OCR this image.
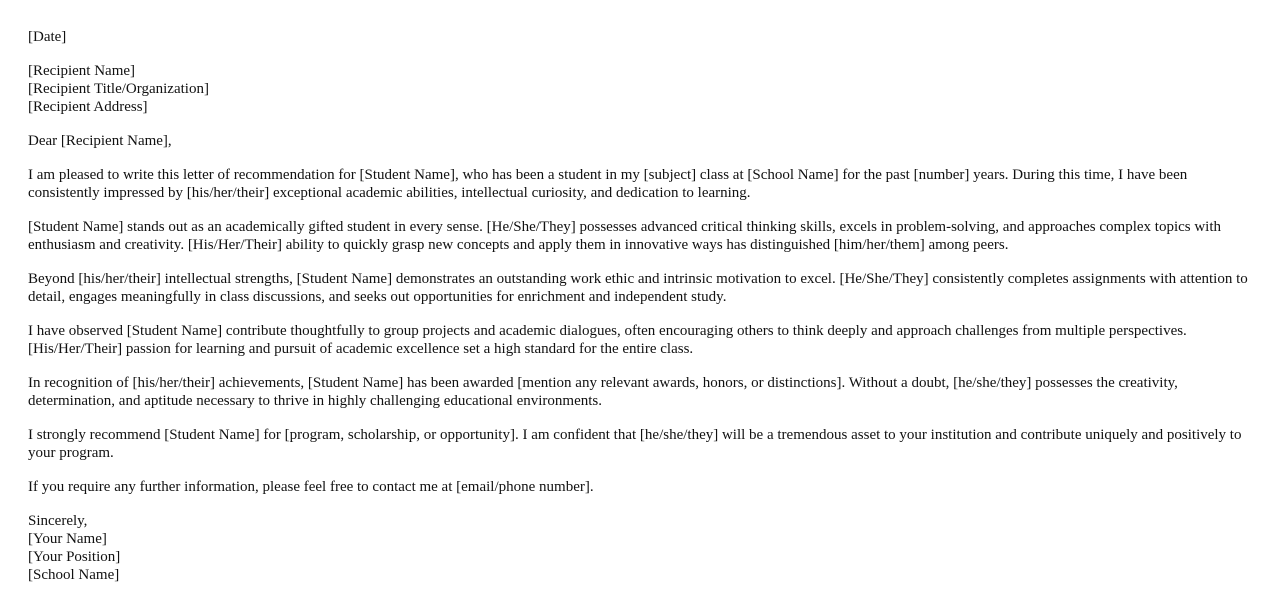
[Date]
[Recipient Name]
[Recipient Title/Organization]
[Recipient Address]

Dear [Recipient Name],

I am pleased to write this letter of recommendation for [Student Name], who has been a student in my [subject] class at [School Name] for the past [number] years. During this time, I have been consistently impressed by [his/her/their] exceptional academic abilities, intellectual curiosity, and dedication to learning.

[Student Name] stands out as an academically gifted student in every sense. [He/She/They] possesses advanced critical thinking skills, excels in problem-solving, and approaches complex topics with enthusiasm and creativity. [His/Her/Their] ability to quickly grasp new concepts and apply them in innovative ways has distinguished [him/her/them] among peers.

Beyond [his/her/their] intellectual strengths, [Student Name] demonstrates an outstanding work ethic and intrinsic motivation to excel. [He/She/They] consistently completes assignments with attention to detail, engages meaningfully in class discussions, and seeks out opportunities for enrichment and independent study.

I have observed [Student Name] contribute thoughtfully to group projects and academic dialogues, often encouraging others to think deeply and approach challenges from multiple perspectives. [His/Her/Their] passion for learning and pursuit of academic excellence set a high standard for the entire class.

In recognition of [his/her/their] achievements, [Student Name] has been awarded [mention any relevant awards, honors, or distinctions]. Without a doubt, [he/she/they] possesses the creativity, determination, and aptitude necessary to thrive in highly challenging educational environments.

I strongly recommend [Student Name] for [program, scholarship, or opportunity]. I am confident that [he/she/they] will be a tremendous asset to your institution and contribute uniquely and positively to your program.

If you require any further information, please feel free to contact me at [email/phone number].

Sincerely,
[Your Name]
[Your Position]
[School Name]
